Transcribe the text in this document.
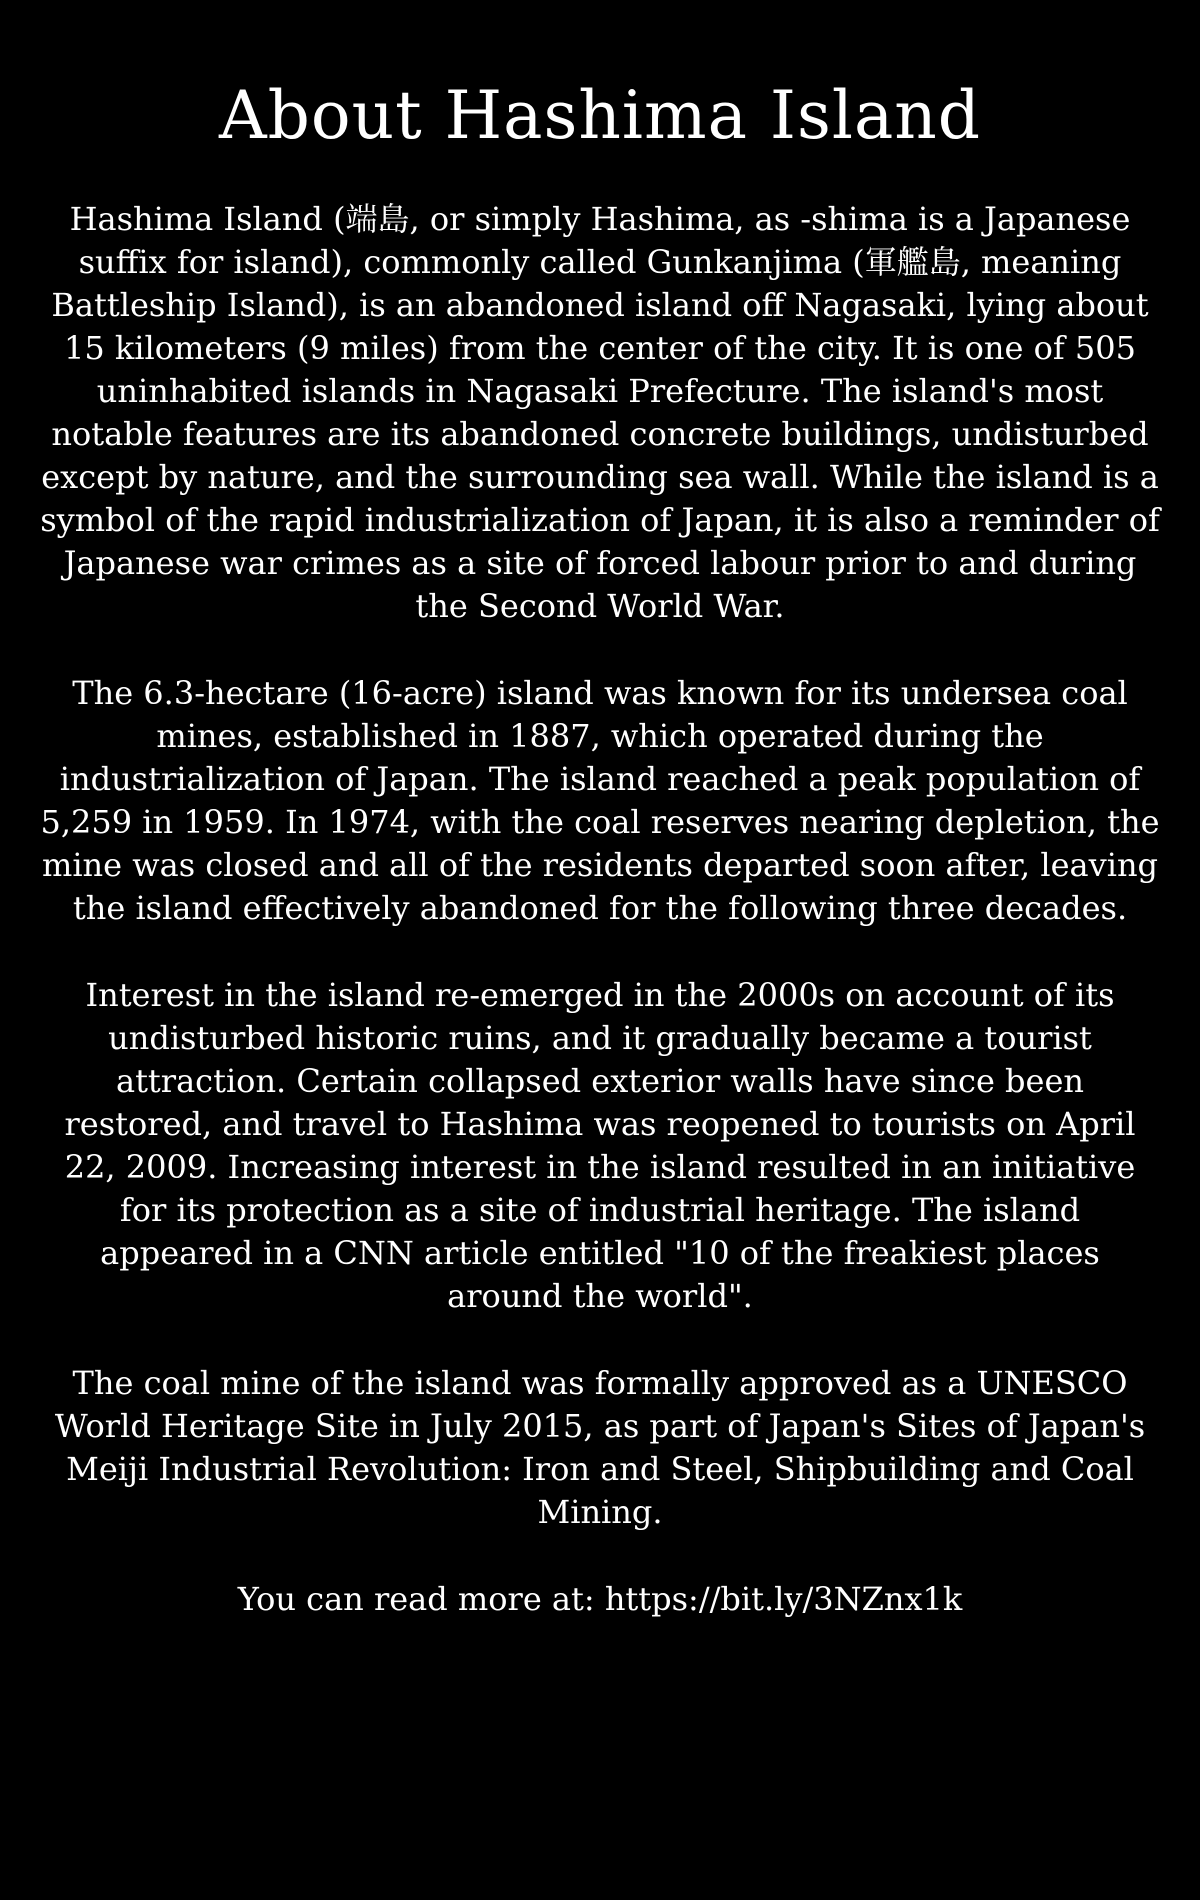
About Hashima Island

Hashima Island (端島, or simply Hashima, as -shima is a Japanese suffix for island), commonly called Gunkanjima (軍艦島, meaning Battleship Island), is an abandoned island off Nagasaki, lying about 15 kilometers (9 miles) from the center of the city. It is one of 505 uninhabited islands in Nagasaki Prefecture. The island's most notable features are its abandoned concrete buildings, undisturbed except by nature, and the surrounding sea wall. While the island is a symbol of the rapid industrialization of Japan, it is also a reminder of Japanese war crimes as a site of forced labour prior to and during the Second World War.

The 6.3-hectare (16-acre) island was known for its undersea coal mines, established in 1887, which operated during the industrialization of Japan. The island reached a peak population of 5,259 in 1959. In 1974, with the coal reserves nearing depletion, the mine was closed and all of the residents departed soon after, leaving the island effectively abandoned for the following three decades.

Interest in the island re-emerged in the 2000s on account of its undisturbed historic ruins, and it gradually became a tourist attraction. Certain collapsed exterior walls have since been restored, and travel to Hashima was reopened to tourists on April 22, 2009. Increasing interest in the island resulted in an initiative for its protection as a site of industrial heritage. The island appeared in a CNN article entitled "10 of the freakiest places around the world".

The coal mine of the island was formally approved as a UNESCO World Heritage Site in July 2015, as part of Japan's Sites of Japan's Meiji Industrial Revolution: Iron and Steel, Shipbuilding and Coal Mining.

You can read more at: https://bit.ly/3NZnx1k
